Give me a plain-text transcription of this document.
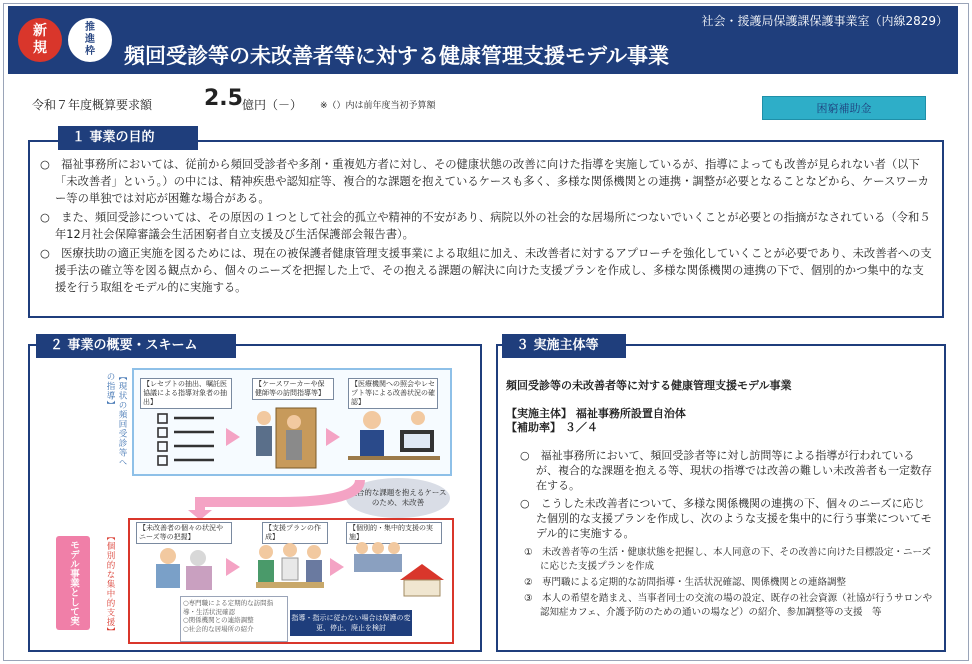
新規
推進枠 頻回受診等の未改善者等に対する健康管理支援モデル事業
社会・援護局保護課保護事業室（内線2829）
令和７年度概算要求額 2.5 億円（－） ※（）内は前年度当初予算額	困窮補助金
１ 事業の目的

○　福祉事務所においては、従前から頻回受診者や多剤・重複処方者に対し、その健康状態の改善に向けた指導を実施しているが、指導によっても改善が見られない者（以下「未改善者」という。）の中には、精神疾患や認知症等、複合的な課題を抱えているケースも多く、多様な関係機関との連携・調整が必要となることなどから、ケースワーカー等の単独では対応が困難な場合がある。

○　また、頻回受診については、その原因の１つとして社会的孤立や精神的不安があり、病院以外の社会的な居場所につないでいくことが必要との指摘がなされている（令和５年12月社会保障審議会生活困窮者自立支援及び生活保護部会報告書）。

○　医療扶助の適正実施を図るためには、現在の被保護者健康管理支援事業による取組に加え、未改善者に対するアプローチを強化していくことが必要であり、未改善者への支援手法の確立等を図る観点から、個々のニーズを把握した上で、その抱える課題の解決に向けた支援プランを作成し、多様な関係機関の連携の下で、個別的かつ集中的な支援を行う取組をモデル的に実施する。

２ 事業の概要・スキーム
【現状の頻回受診等への指導】	【レセプトの抽出、嘱託医協議による指導対象者の抽出】
【ケースワーカーや保健師等の訪問指導等】
【医療機関への照会やレセプト等による改善状況の確認】
複合的な課題を抱えるケースのため、未改善
【個別的な集中的支援】
モデル事業として実施
【未改善者の個々の状況やニーズ等の把握】
【支援プランの作成】
【個別的・集中的支援の実施】
○専門職による定期的な訪問指導・生活状況確認
○関係機関との連絡調整
○社会的な居場所の紹介
指導・指示に従わない場合は保護の変更、停止、廃止を検討
３ 実施主体等
頻回受診等の未改善者等に対する健康管理支援モデル事業
【実施主体】 福祉事務所設置自治体
【補助率】 ３／４
○　福祉事務所において、頻回受診者等に対し訪問等による指導が行われているが、複合的な課題を抱える等、現状の指導では改善の難しい未改善者も一定数存在する。
○　こうした未改善者について、多様な関係機関の連携の下、個々のニーズに応じた個別的な支援プランを作成し、次のような支援を集中的に行う事業についてモデル的に実施する。
①　未改善者等の生活・健康状態を把握し、本人同意の下、その改善に向けた目標設定・ニーズに応じた支援プランを作成
②　専門職による定期的な訪問指導・生活状況確認、関係機関との連絡調整
③　本人の希望を踏まえ、当事者同士の交流の場の設定、既存の社会資源（社協が行うサロンや認知症カフェ、介護予防のための通いの場など）の紹介、参加調整等の支援　等
